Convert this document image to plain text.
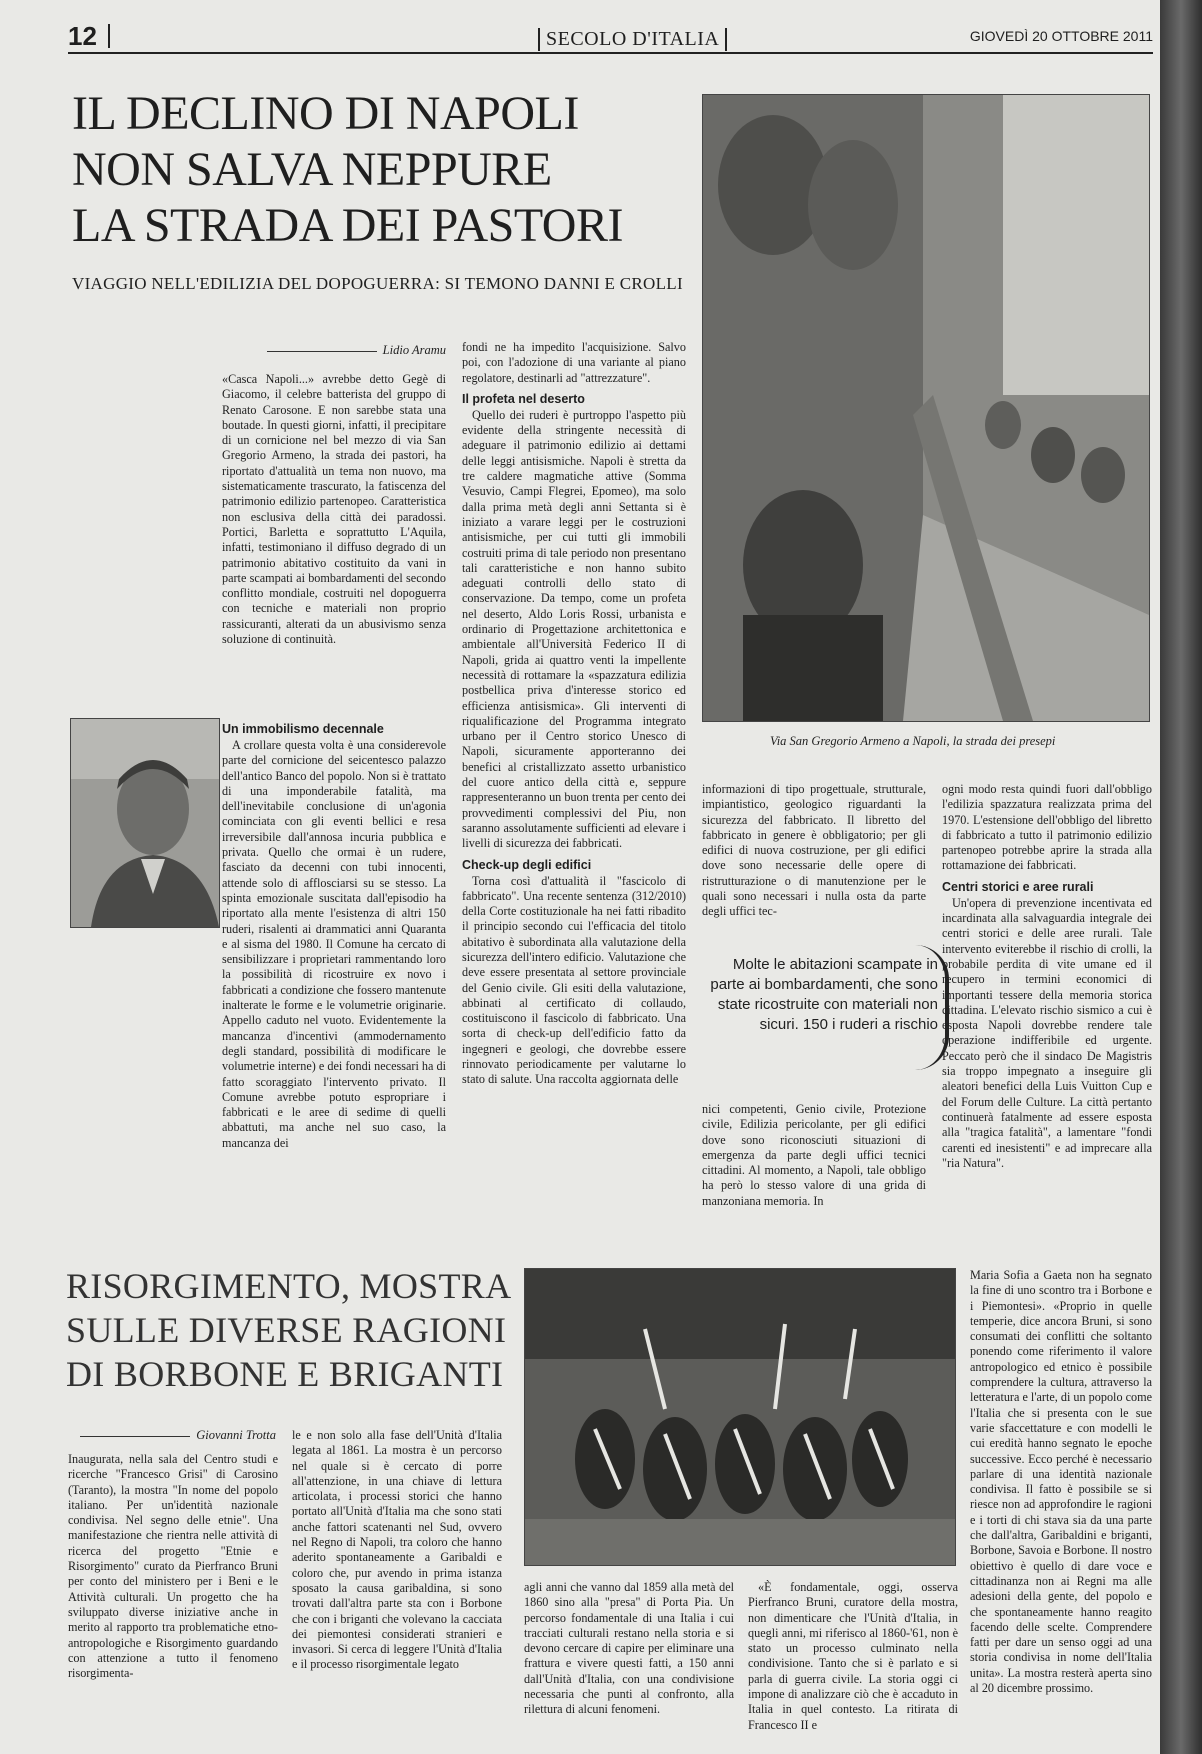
12	SECOLO D'ITALIA	GIOVEDÌ 20 OTTOBRE 2011
IL DECLINO DI NAPOLI
NON SALVA NEPPURE
LA STRADA DEI PASTORI
VIAGGIO NELL'EDILIZIA DEL DOPOGUERRA: SI TEMONO DANNI E CROLLI
Lidio Aramu

«Casca Napoli...» avrebbe detto Gegè di Giacomo, il celebre batterista del gruppo di Renato Carosone. E non sarebbe stata una boutade. In questi giorni, infatti, il precipitare di un cornicione nel bel mezzo di via San Gregorio Armeno, la strada dei pastori, ha riportato d'attualità un tema non nuovo, ma sistematicamente trascurato, la fatiscenza del patrimonio edilizio partenopeo. Caratteristica non esclusiva della città dei paradossi. Portici, Barletta e soprattutto L'Aquila, infatti, testimoniano il diffuso degrado di un patrimonio abitativo costituito da vani in parte scampati ai bombardamenti del secondo conflitto mondiale, costruiti nel dopoguerra con tecniche e materiali non proprio rassicuranti, alterati da un abusivismo senza soluzione di continuità.

Un immobilismo decennale

A crollare questa volta è una considerevole parte del cornicione del seicentesco palazzo dell'antico Banco del popolo. Non si è trattato di una imponderabile fatalità, ma dell'inevitabile conclusione di un'agonia cominciata con gli eventi bellici e resa irreversibile dall'annosa incuria pubblica e privata. Quello che ormai è un rudere, fasciato da decenni con tubi innocenti, attende solo di afflosciarsi su se stesso. La spinta emozionale suscitata dall'episodio ha riportato alla mente l'esistenza di altri 150 ruderi, risalenti ai drammatici anni Quaranta e al sisma del 1980. Il Comune ha cercato di sensibilizzare i proprietari rammentando loro la possibilità di ricostruire ex novo i fabbricati a condizione che fossero mantenute inalterate le forme e le volumetrie originarie. Appello caduto nel vuoto. Evidentemente la mancanza d'incentivi (ammodernamento degli standard, possibilità di modificare le volumetrie interne) e dei fondi necessari ha di fatto scoraggiato l'intervento privato. Il Comune avrebbe potuto espropriare i fabbricati e le aree di sedime di quelli abbattuti, ma anche nel suo caso, la mancanza dei

fondi ne ha impedito l'acquisizione. Salvo poi, con l'adozione di una variante al piano regolatore, destinarli ad "attrezzature".

Il profeta nel deserto

Quello dei ruderi è purtroppo l'aspetto più evidente della stringente necessità di adeguare il patrimonio edilizio ai dettami delle leggi antisismiche. Napoli è stretta da tre caldere magmatiche attive (Somma Vesuvio, Campi Flegrei, Epomeo), ma solo dalla prima metà degli anni Settanta si è iniziato a varare leggi per le costruzioni antisismiche, per cui tutti gli immobili costruiti prima di tale periodo non presentano tali caratteristiche e non hanno subito adeguati controlli dello stato di conservazione. Da tempo, come un profeta nel deserto, Aldo Loris Rossi, urbanista e ordinario di Progettazione architettonica e ambientale all'Università Federico II di Napoli, grida ai quattro venti la impellente necessità di rottamare la «spazzatura edilizia postbellica priva d'interesse storico ed efficienza antisismica». Gli interventi di riqualificazione del Programma integrato urbano per il Centro storico Unesco di Napoli, sicuramente apporteranno dei benefici al cristallizzato assetto urbanistico del cuore antico della città e, seppure rappresenteranno un buon trenta per cento dei provvedimenti complessivi del Piu, non saranno assolutamente sufficienti ad elevare i livelli di sicurezza dei fabbricati.

Check-up degli edifici

Torna così d'attualità il "fascicolo di fabbricato". Una recente sentenza (312/2010) della Corte costituzionale ha nei fatti ribadito il principio secondo cui l'efficacia del titolo abitativo è subordinata alla valutazione della sicurezza dell'intero edificio. Valutazione che deve essere presentata al settore provinciale del Genio civile. Gli esiti della valutazione, abbinati al certificato di collaudo, costituiscono il fascicolo di fabbricato. Una sorta di check-up dell'edificio fatto da ingegneri e geologi, che dovrebbe essere rinnovato periodicamente per valutarne lo stato di salute. Una raccolta aggiornata delle

Via San Gregorio Armeno a Napoli, la strada dei presepi

informazioni di tipo progettuale, strutturale, impiantistico, geologico riguardanti la sicurezza del fabbricato. Il libretto del fabbricato in genere è obbligatorio; per gli edifici di nuova costruzione, per gli edifici dove sono necessarie delle opere di ristrutturazione o di manutenzione per le quali sono necessari i nulla osta da parte degli uffici tec-

Molte le abitazioni scampate in parte ai bombardamenti, che sono state ricostruite con materiali non sicuri. 150 i ruderi a rischio

nici competenti, Genio civile, Protezione civile, Edilizia pericolante, per gli edifici dove sono riconosciuti situazioni di emergenza da parte degli uffici tecnici cittadini. Al momento, a Napoli, tale obbligo ha però lo stesso valore di una grida di manzoniana memoria. In

ogni modo resta quindi fuori dall'obbligo l'edilizia spazzatura realizzata prima del 1970. L'estensione dell'obbligo del libretto di fabbricato a tutto il patrimonio edilizio partenopeo potrebbe aprire la strada alla rottamazione dei fabbricati.

Centri storici e aree rurali

Un'opera di prevenzione incentivata ed incardinata alla salvaguardia integrale dei centri storici e delle aree rurali. Tale intervento eviterebbe il rischio di crolli, la probabile perdita di vite umane ed il recupero in termini economici di importanti tessere della memoria storica cittadina. L'elevato rischio sismico a cui è esposta Napoli dovrebbe rendere tale operazione indifferibile ed urgente. Peccato però che il sindaco De Magistris sia troppo impegnato a inseguire gli aleatori benefici della Luis Vuitton Cup e del Forum delle Culture. La città pertanto continuerà fatalmente ad essere esposta alla "tragica fatalità", a lamentare "fondi carenti ed inesistenti" e ad imprecare alla "ria Natura".

RISORGIMENTO, MOSTRA
SULLE DIVERSE RAGIONI
DI BORBONE E BRIGANTI
Giovanni Trotta

Inaugurata, nella sala del Centro studi e ricerche "Francesco Grisi" di Carosino (Taranto), la mostra "In nome del popolo italiano. Per un'identità nazionale condivisa. Nel segno delle etnie". Una manifestazione che rientra nelle attività di ricerca del progetto "Etnie e Risorgimento" curato da Pierfranco Bruni per conto del ministero per i Beni e le Attività culturali. Un progetto che ha sviluppato diverse iniziative anche in merito al rapporto tra problematiche etno-antropologiche e Risorgimento guardando con attenzione a tutto il fenomeno risorgimenta-

le e non solo alla fase dell'Unità d'Italia legata al 1861. La mostra è un percorso nel quale si è cercato di porre all'attenzione, in una chiave di lettura articolata, i processi storici che hanno portato all'Unità d'Italia ma che sono stati anche fattori scatenanti nel Sud, ovvero nel Regno di Napoli, tra coloro che hanno aderito spontaneamente a Garibaldi e coloro che, pur avendo in prima istanza sposato la causa garibaldina, si sono trovati dall'altra parte sta con i Borbone che con i briganti che volevano la cacciata dei piemontesi considerati stranieri e invasori. Si cerca di leggere l'Unità d'Italia e il processo risorgimentale legato

agli anni che vanno dal 1859 alla metà del 1860 sino alla "presa" di Porta Pia. Un percorso fondamentale di una Italia i cui tracciati culturali restano nella storia e si devono cercare di capire per eliminare una frattura e vivere questi fatti, a 150 anni dall'Unità d'Italia, con una condivisione necessaria che punti al confronto, alla rilettura di alcuni fenomeni.

«È fondamentale, oggi, osserva Pierfranco Bruni, curatore della mostra, non dimenticare che l'Unità d'Italia, in quegli anni, mi riferisco al 1860-'61, non è stato un processo culminato nella condivisione. Tanto che si è parlato e si parla di guerra civile. La storia oggi ci impone di analizzare ciò che è accaduto in Italia in quel contesto. La ritirata di Francesco II e

Maria Sofia a Gaeta non ha segnato la fine di uno scontro tra i Borbone e i Piemontesi». «Proprio in quelle temperie, dice ancora Bruni, si sono consumati dei conflitti che soltanto ponendo come riferimento il valore antropologico ed etnico è possibile comprendere la cultura, attraverso la letteratura e l'arte, di un popolo come l'Italia che si presenta con le sue varie sfaccettature e con modelli le cui eredità hanno segnato le epoche successive. Ecco perché è necessario parlare di una identità nazionale condivisa. Il fatto è possibile se si riesce non ad approfondire le ragioni e i torti di chi stava sia da una parte che dall'altra, Garibaldini e briganti, Borbone, Savoia e Borbone. Il nostro obiettivo è quello di dare voce e cittadinanza non ai Regni ma alle adesioni della gente, del popolo e che spontaneamente hanno reagito facendo delle scelte. Comprendere fatti per dare un senso oggi ad una storia condivisa in nome dell'Italia unita». La mostra resterà aperta sino al 20 dicembre prossimo.
